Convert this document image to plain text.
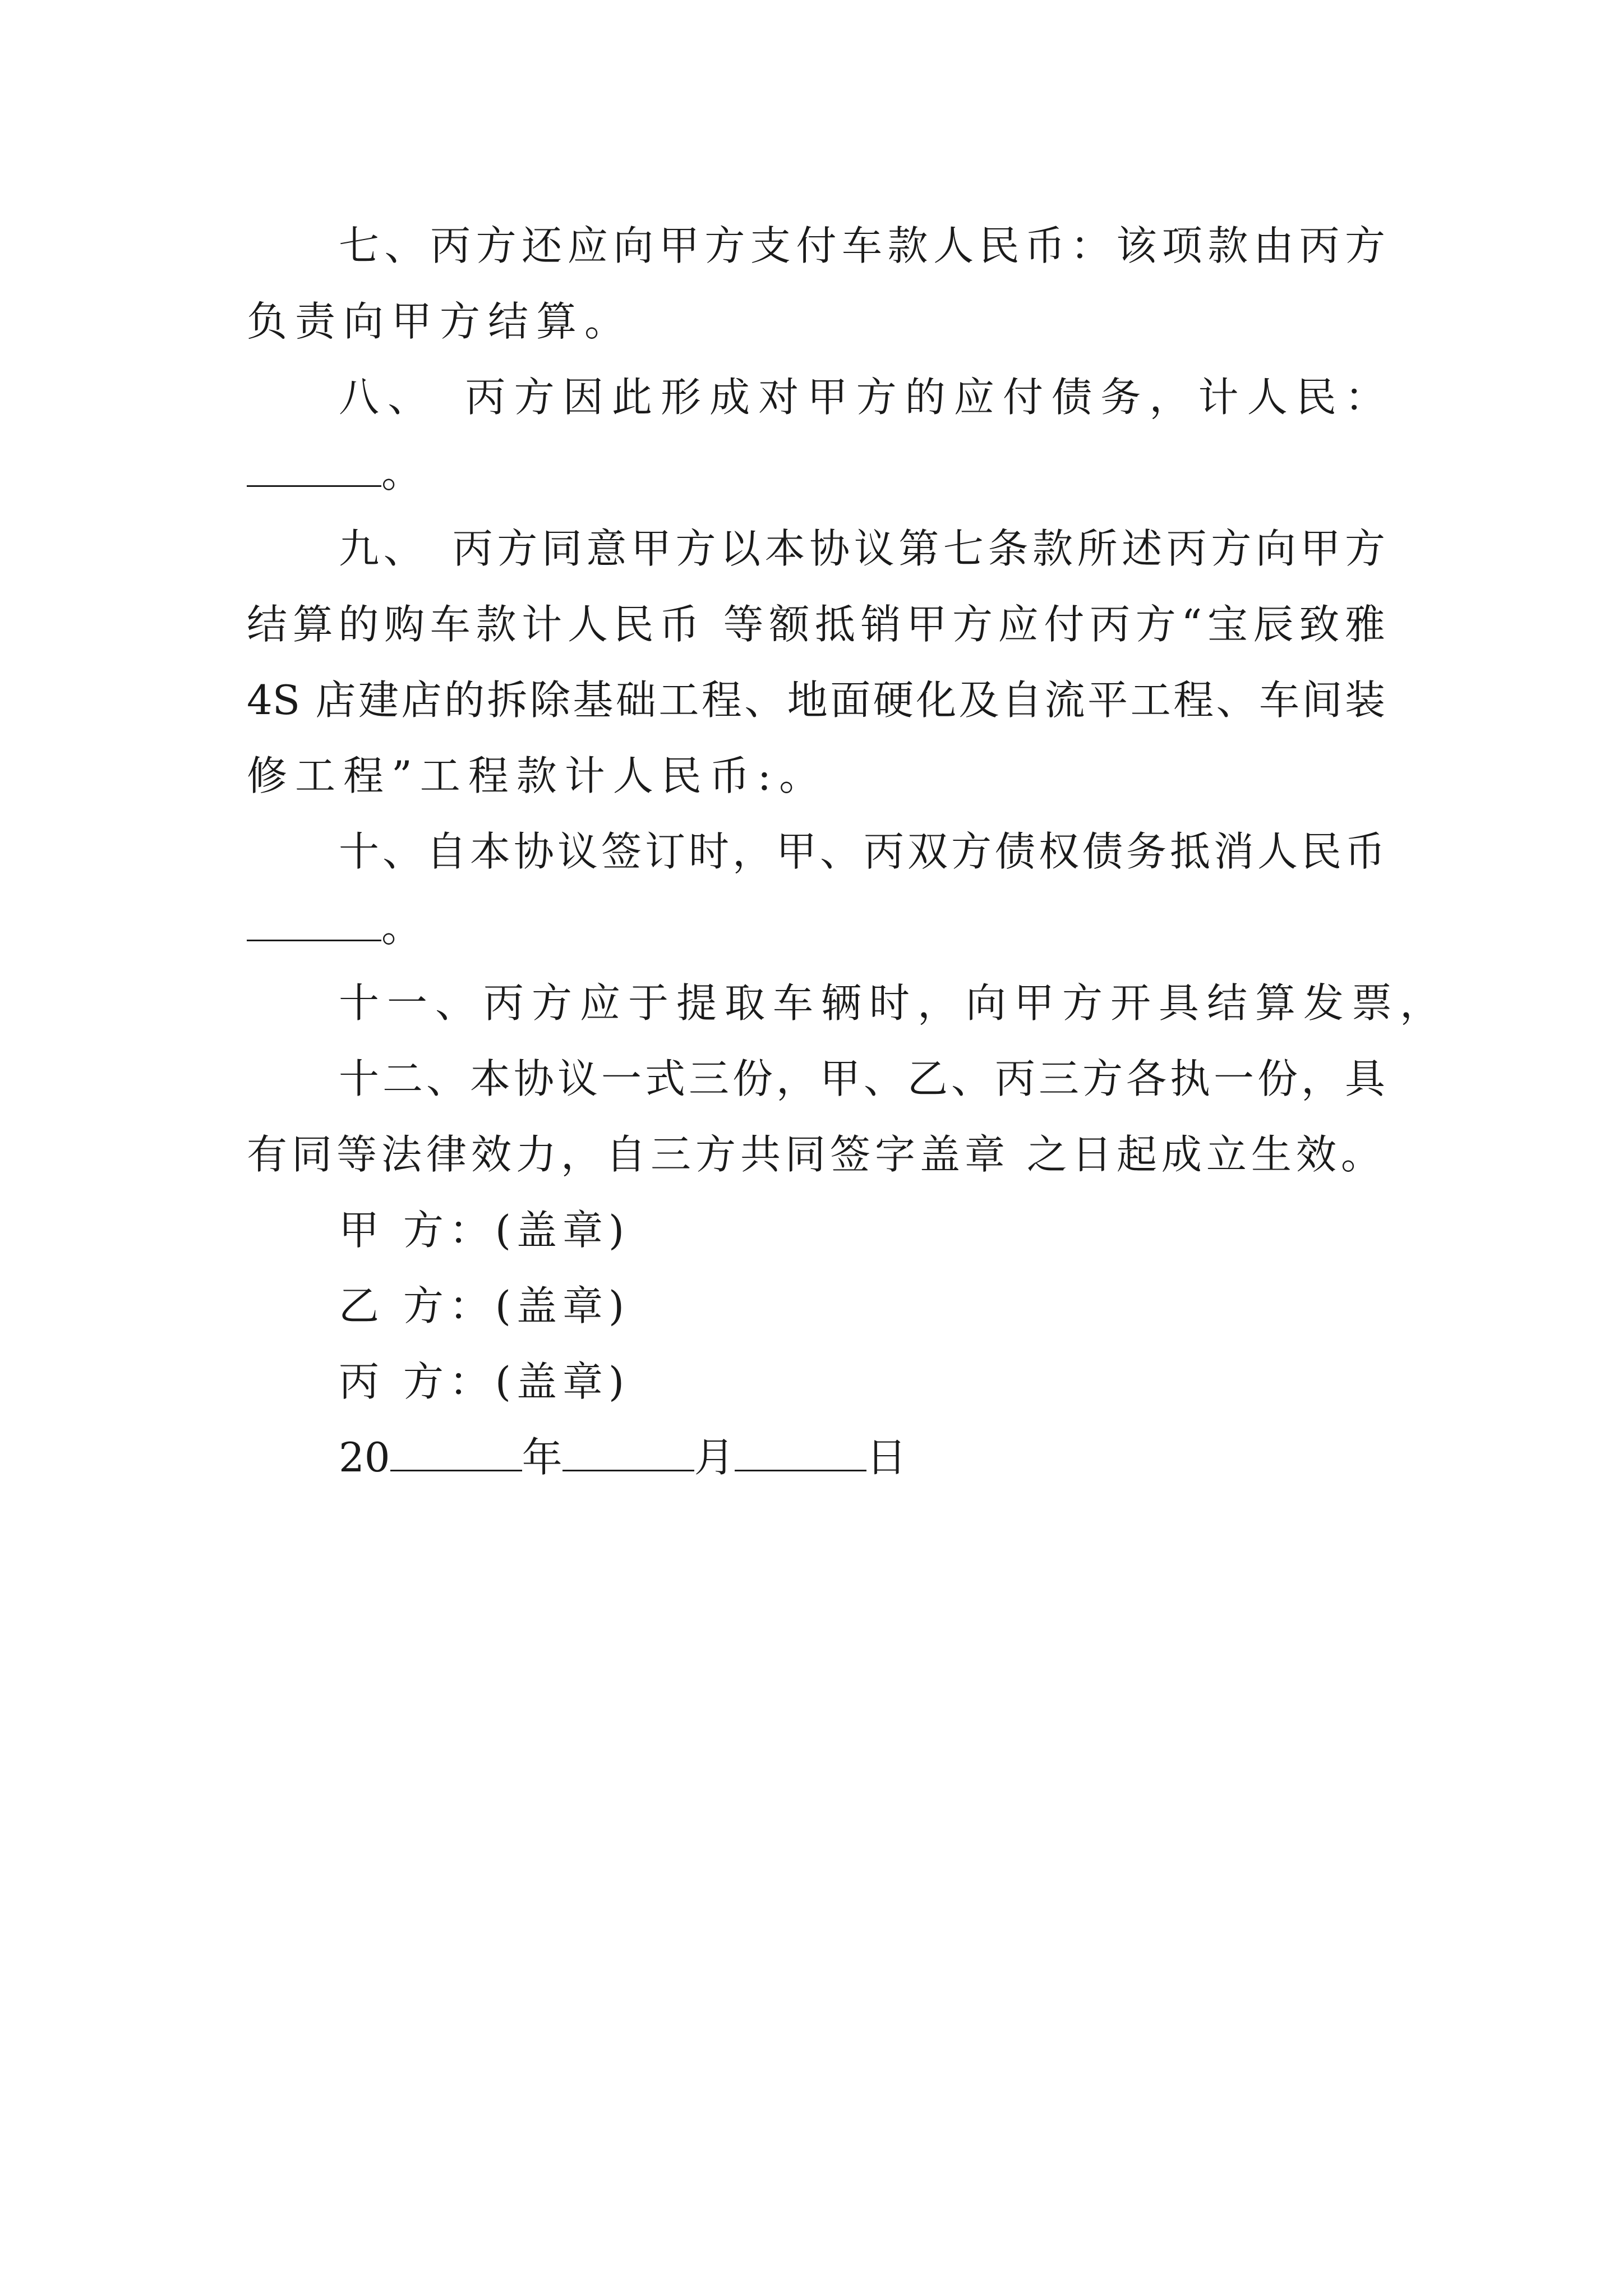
七、丙方还应向甲方支付车款人民币：该项款由丙方
负责向甲方结算。
八、　丙方因此形成对甲方的应付债务，计人民：
。
九、　丙方同意甲方以本协议第七条款所述丙方向甲方
结算的购车款计人民币 等额抵销甲方应付丙方“宝辰致雅
4S 店建店的拆除基础工程、地面硬化及自流平工程、车间装
修工程”工程款计人民币:。
十、自本协议签订时，甲、丙双方债权债务抵消人民币
。
十一、丙方应于提取车辆时，向甲方开具结算发票，
十二、本协议一式三份，甲、乙、丙三方各执一份，具
有同等法律效力，自三方共同签字盖章 之日起成立生效。
甲 方：(盖章)
乙 方：(盖章)
丙 方：(盖章)
20	年	月	日
